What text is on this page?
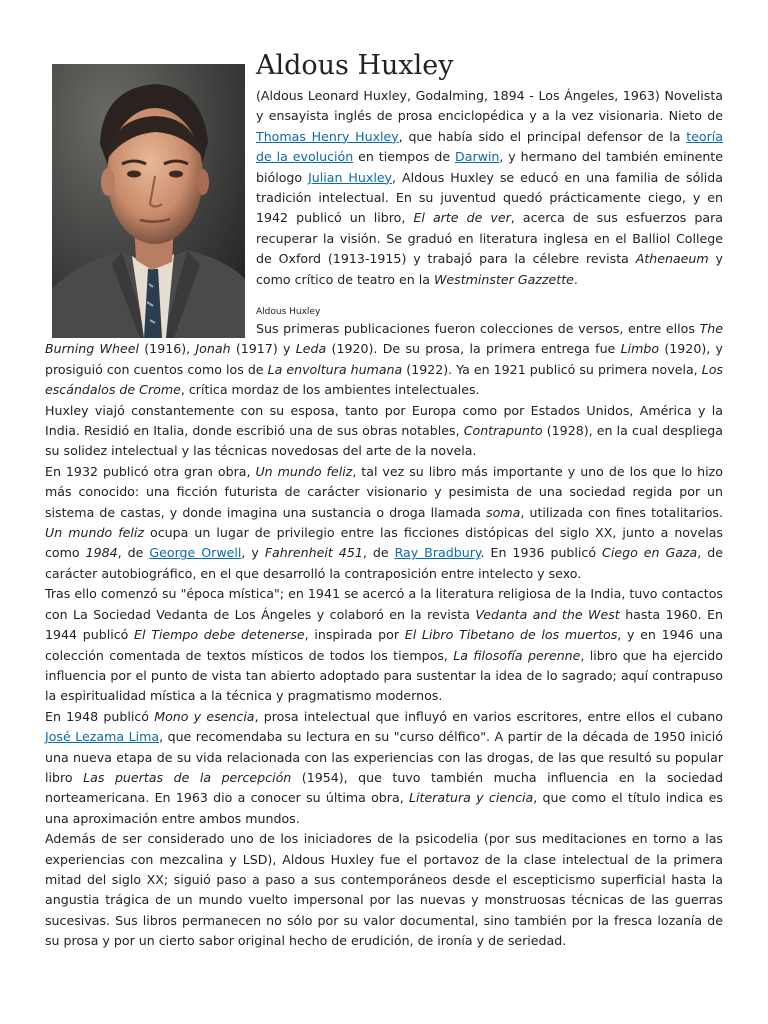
Aldous Huxley

(Aldous Leonard Huxley, Godalming, 1894 - Los Ángeles, 1963) Novelista y ensayista inglés de prosa enciclopédica y a la vez visionaria. Nieto de Thomas Henry Huxley, que había sido el principal defensor de la teoría de la evolución en tiempos de Darwin, y hermano del también eminente biólogo Julian Huxley, Aldous Huxley se educó en una familia de sólida tradición intelectual. En su juventud quedó prácticamente ciego, y en 1942 publicó un libro, El arte de ver, acerca de sus esfuerzos para recuperar la visión. Se graduó en literatura inglesa en el Balliol College de Oxford (1913-1915) y trabajó para la célebre revista Athenaeum y como crítico de teatro en la Westminster Gazzette.

Aldous Huxley

Sus primeras publicaciones fueron colecciones de versos, entre ellos The Burning Wheel (1916), Jonah (1917) y Leda (1920). De su prosa, la primera entrega fue Limbo (1920), y prosiguió con cuentos como los de La envoltura humana (1922). Ya en 1921 publicó su primera novela, Los escándalos de Crome, crítica mordaz de los ambientes intelectuales.

Huxley viajó constantemente con su esposa, tanto por Europa como por Estados Unidos, América y la India. Residió en Italia, donde escribió una de sus obras notables, Contrapunto (1928), en la cual despliega su solidez intelectual y las técnicas novedosas del arte de la novela.

En 1932 publicó otra gran obra, Un mundo feliz, tal vez su libro más importante y uno de los que lo hizo más conocido: una ficción futurista de carácter visionario y pesimista de una sociedad regida por un sistema de castas, y donde imagina una sustancia o droga llamada soma, utilizada con fines totalitarios. Un mundo feliz ocupa un lugar de privilegio entre las ficciones distópicas del siglo XX, junto a novelas como 1984, de George Orwell, y Fahrenheit 451, de Ray Bradbury. En 1936 publicó Ciego en Gaza, de carácter autobiográfico, en el que desarrolló la contraposición entre intelecto y sexo.

Tras ello comenzó su "época mística"; en 1941 se acercó a la literatura religiosa de la India, tuvo contactos con La Sociedad Vedanta de Los Ángeles y colaboró en la revista Vedanta and the West hasta 1960. En 1944 publicó El Tiempo debe detenerse, inspirada por El Libro Tibetano de los muertos, y en 1946 una colección comentada de textos místicos de todos los tiempos, La filosofía perenne, libro que ha ejercido influencia por el punto de vista tan abierto adoptado para sustentar la idea de lo sagrado; aquí contrapuso la espiritualidad mística a la técnica y pragmatismo modernos.

En 1948 publicó Mono y esencia, prosa intelectual que influyó en varios escritores, entre ellos el cubano José Lezama Lima, que recomendaba su lectura en su "curso délfico". A partir de la década de 1950 inició una nueva etapa de su vida relacionada con las experiencias con las drogas, de las que resultó su popular libro Las puertas de la percepción (1954), que tuvo también mucha influencia en la sociedad norteamericana. En 1963 dio a conocer su última obra, Literatura y ciencia, que como el título indica es una aproximación entre ambos mundos.

Además de ser considerado uno de los iniciadores de la psicodelia (por sus meditaciones en torno a las experiencias con mezcalina y LSD), Aldous Huxley fue el portavoz de la clase intelectual de la primera mitad del siglo XX; siguió paso a paso a sus contemporáneos desde el escepticismo superficial hasta la angustia trágica de un mundo vuelto impersonal por las nuevas y monstruosas técnicas de las guerras sucesivas. Sus libros permanecen no sólo por su valor documental, sino también por la fresca lozanía de su prosa y por un cierto sabor original hecho de erudición, de ironía y de seriedad.
